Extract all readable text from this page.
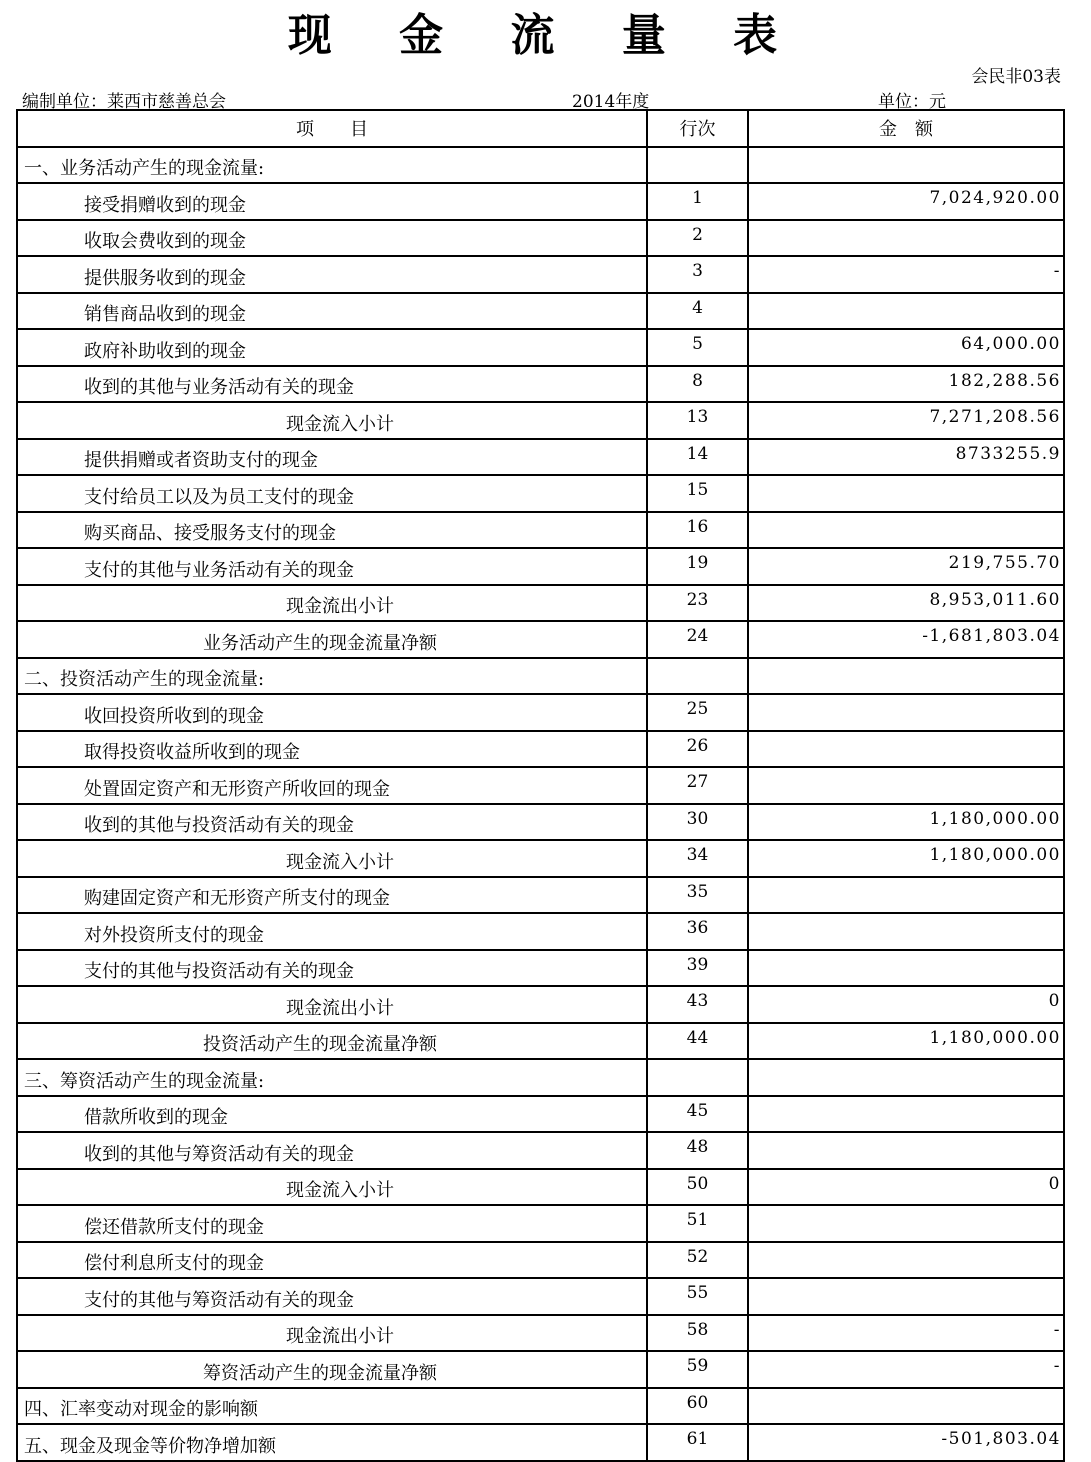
现 金 流 量 表
会民非03表
编制单位：莱西市慈善总会	2014年度	单位：元
项　　目	行次	金　额
一、业务活动产生的现金流量:		
接受捐赠收到的现金	1	7,024,920.00
收取会费收到的现金	2	
提供服务收到的现金	3	-
销售商品收到的现金	4	
政府补助收到的现金	5	64,000.00
收到的其他与业务活动有关的现金	8	182,288.56
现金流入小计	13	7,271,208.56
提供捐赠或者资助支付的现金	14	8733255.9
支付给员工以及为员工支付的现金	15	
购买商品、接受服务支付的现金	16	
支付的其他与业务活动有关的现金	19	219,755.70
现金流出小计	23	8,953,011.60
业务活动产生的现金流量净额	24	-1,681,803.04
二、投资活动产生的现金流量:		
收回投资所收到的现金	25	
取得投资收益所收到的现金	26	
处置固定资产和无形资产所收回的现金	27	
收到的其他与投资活动有关的现金	30	1,180,000.00
现金流入小计	34	1,180,000.00
购建固定资产和无形资产所支付的现金	35	
对外投资所支付的现金	36	
支付的其他与投资活动有关的现金	39	
现金流出小计	43	0
投资活动产生的现金流量净额	44	1,180,000.00
三、筹资活动产生的现金流量:		
借款所收到的现金	45	
收到的其他与筹资活动有关的现金	48	
现金流入小计	50	0
偿还借款所支付的现金	51	
偿付利息所支付的现金	52	
支付的其他与筹资活动有关的现金	55	
现金流出小计	58	-
筹资活动产生的现金流量净额	59	-
四、汇率变动对现金的影响额	60	
五、现金及现金等价物净增加额	61	-501,803.04
